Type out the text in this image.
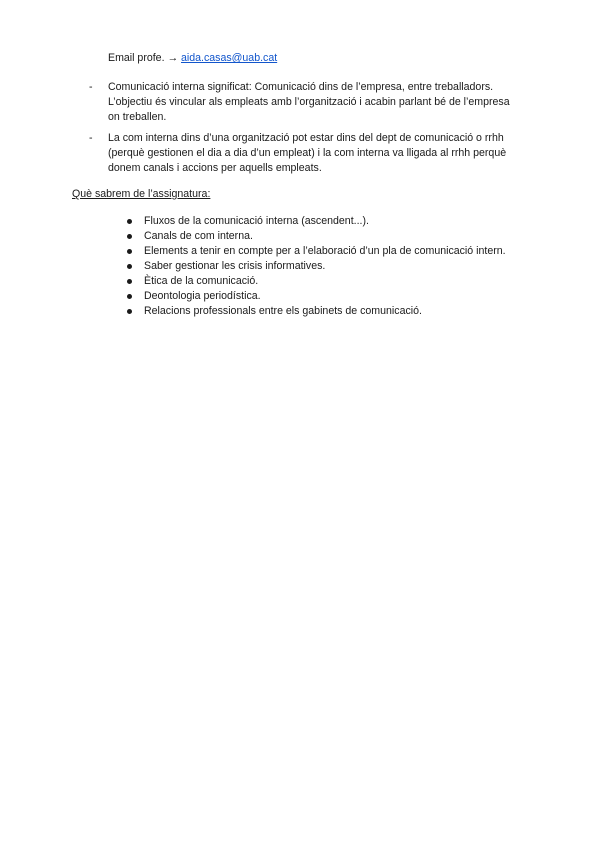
Email profe. → aida.casas@uab.cat
- Comunicació interna significat: Comunicació dins de l’empresa, entre treballadors. L’objectiu és vincular als empleats amb l’organització i acabin parlant bé de l’empresa on treballen.
- La com interna dins d’una organització pot estar dins del dept de comunicació o rrhh (perquè gestionen el dia a dia d’un empleat) i la com interna va lligada al rrhh perquè donem canals i accions per aquells empleats.
Què sabrem de l’assignatura:
Fluxos de la comunicació interna (ascendent...).
Canals de com interna.
Elements a tenir en compte per a l’elaboració d’un pla de comunicació intern.
Saber gestionar les crisis informatives.
Ètica de la comunicació.
Deontologia periodística.
Relacions professionals entre els gabinets de comunicació.
